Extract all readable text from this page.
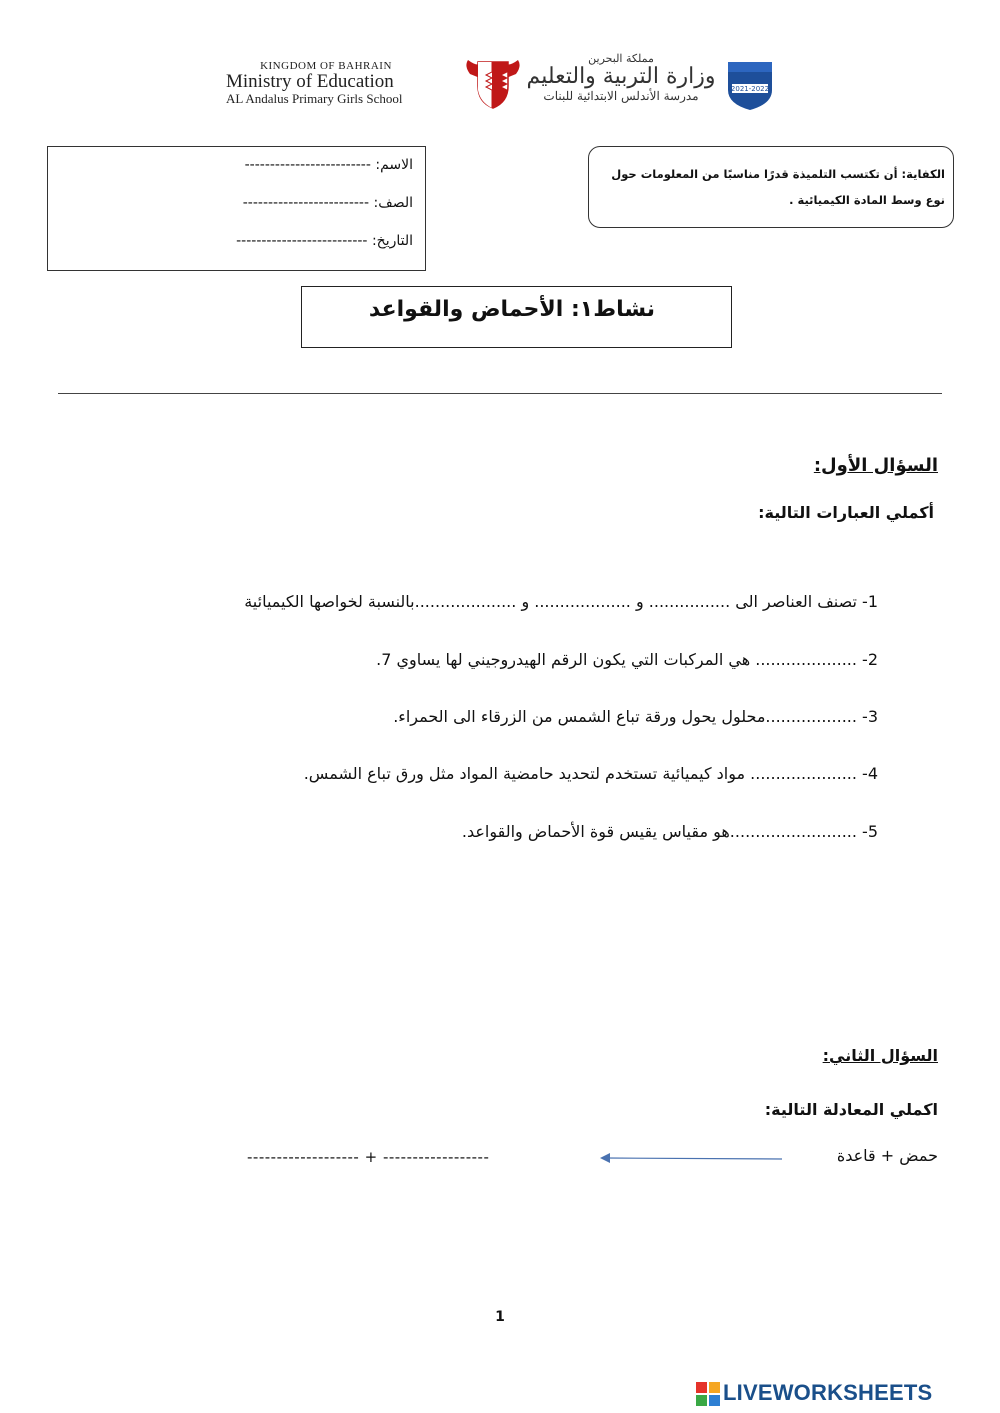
KINGDOM OF BAHRAIN
Ministry of Education
AL Andalus Primary Girls School
مملكة البحرين
وزارة التربية والتعليم
مدرسة الأندلس الابتدائية للبنات	2021-2022
الاسم: -------------------------
الصف: -------------------------
التاريخ: --------------------------
الكفاية: أن تكتسب التلميذة قدرًا مناسبًا من المعلومات حول نوع وسط المادة الكيميائية .
نشاط١: الأحماض والقواعد
السؤال الأول:
أكملي العبارات التالية:
1- تصنف العناصر الى ................ و ................... و ....................بالنسبة لخواصها الكيميائية
2- .................... هي المركبات التي يكون الرقم الهيدروجيني لها يساوي 7.
3- ..................محلول يحول ورقة تباع الشمس من الزرقاء الى الحمراء.
4- ..................... مواد كيميائية تستخدم لتحديد حامضية المواد مثل ورق تباع الشمس.
5- .........................هو مقياس يقيس قوة الأحماض والقواعد.
السؤال الثاني:
اكملي المعادلة التالية:
حمض + قاعدة
------------------- + ------------------
1
LIVEWORKSHEETS
